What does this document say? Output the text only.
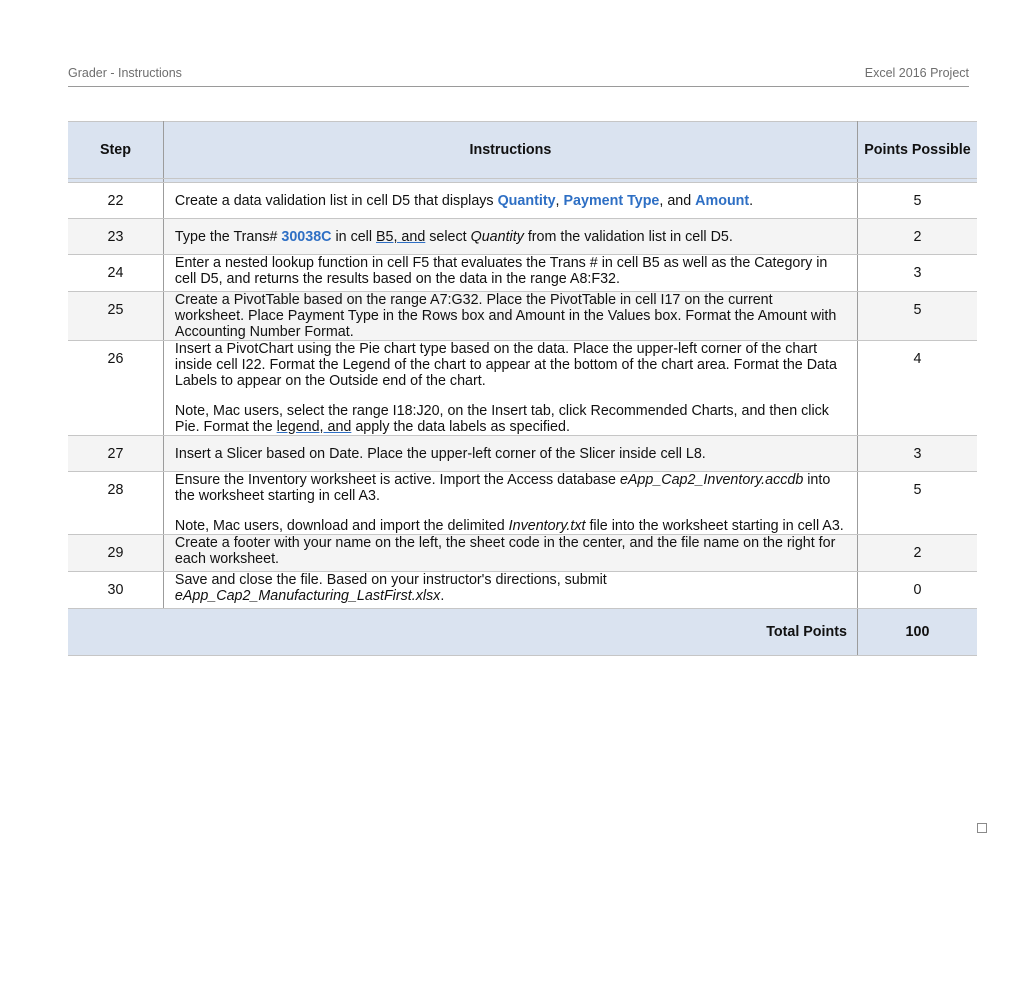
Grader - Instructions	Excel 2016 Project
Step	Instructions	Points Possible

22	Create a data validation list in cell D5 that displays Quantity, Payment Type, and Amount.	5
23	Type the Trans# 30038C in cell B5, and select Quantity from the validation list in cell D5.	2
24	Enter a nested lookup function in cell F5 that evaluates the Trans # in cell B5 as well as the Category in cell D5, and returns the results based on the data in the range A8:F32.	3
25	Create a PivotTable based on the range A7:G32. Place the PivotTable in cell I17 on the current worksheet. Place Payment Type in the Rows box and Amount in the Values box. Format the Amount with Accounting Number Format.	5
26	Insert a PivotChart using the Pie chart type based on the data. Place the upper-left corner of the chart inside cell I22. Format the Legend of the chart to appear at the bottom of the chart area. Format the Data Labels to appear on the Outside end of the chart.

Note, Mac users, select the range I18:J20, on the Insert tab, click Recommended Charts, and then click Pie. Format the legend, and apply the data labels as specified.	4
27	Insert a Slicer based on Date. Place the upper-left corner of the Slicer inside cell L8.	3
28	Ensure the Inventory worksheet is active. Import the Access database eApp_Cap2_Inventory.accdb into the worksheet starting in cell A3.

Note, Mac users, download and import the delimited Inventory.txt file into the worksheet starting in cell A3.	5
29	Create a footer with your name on the left, the sheet code in the center, and the file name on the right for each worksheet.	2
30	Save and close the file. Based on your instructor's directions, submit eApp_Cap2_Manufacturing_LastFirst.xlsx.	0
Total Points		100
